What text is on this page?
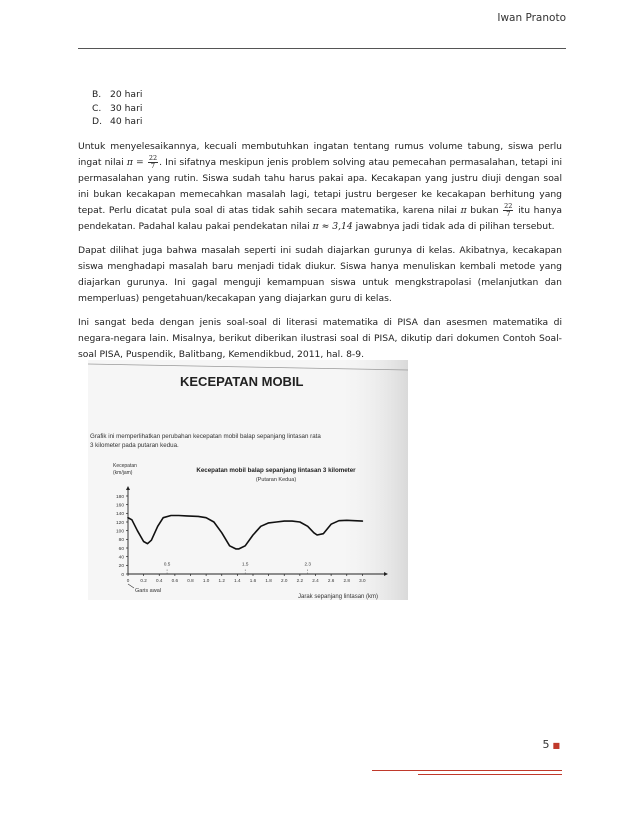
Iwan Pranoto
B. 20 hari
C. 30 hari
D. 40 hari

Untuk menyelesaikannya, kecuali membutuhkan ingatan tentang rumus volume tabung, siswa perlu ingat nilai $\pi = \frac{22}{7}$ . Ini sifatnya meskipun jenis problem solving atau pemecahan permasalahan, tetapi ini permasalahan yang rutin. Siswa sudah tahu harus pakai apa. Kecakapan yang justru diuji dengan soal ini bukan kecakapan memecahkan masalah lagi, tetapi justru bergeser ke kecakapan berhitung yang tepat. Perlu dicatat pula soal di atas tidak sahih secara matematika, karena nilai π bukan $\frac{22}{7}$ itu hanya pendekatan. Padahal kalau pakai pendekatan nilai π ≈ 3,14 jawabnya jadi tidak ada di pilihan tersebut.

Dapat dilihat juga bahwa masalah seperti ini sudah diajarkan gurunya di kelas. Akibatnya, kecakapan siswa menghadapi masalah baru menjadi tidak diukur. Siswa hanya menuliskan kembali metode yang diajarkan gurunya. Ini gagal menguji kemampuan siswa untuk mengkstrapolasi (melanjutkan dan memperluas) pengetahuan/kecakapan yang diajarkan guru di kelas.

Ini sangat beda dengan jenis soal-soal di literasi matematika di PISA dan asesmen matematika di negara-negara lain. Misalnya, berikut diberikan ilustrasi soal di PISA, dikutip dari dokumen Contoh Soal-soal PISA, Puspendik, Balitbang, Kemendikbud, 2011, hal. 8-9.

KECEPATAN MOBIL
Grafik ini memperlihatkan perubahan kecepatan mobil balap sepanjang lintasan rata
3 kilometer pada putaran kedua.
Kecepatan
(km/jam)	Kecepatan mobil balap sepanjang lintasan 3 kilometer
(Putaran Kedua)
0
20
40
60
80
100
120
140
160
180
0 0.2 0.4 0.6 0.8 1.0 1.2 1.4 1.6 1.8 2.0 2.2 2.4 2.6 2.8 3.0
0.5	1.5	2.3
Garis awal
Jarak sepanjang lintasan (km)
5 ■
